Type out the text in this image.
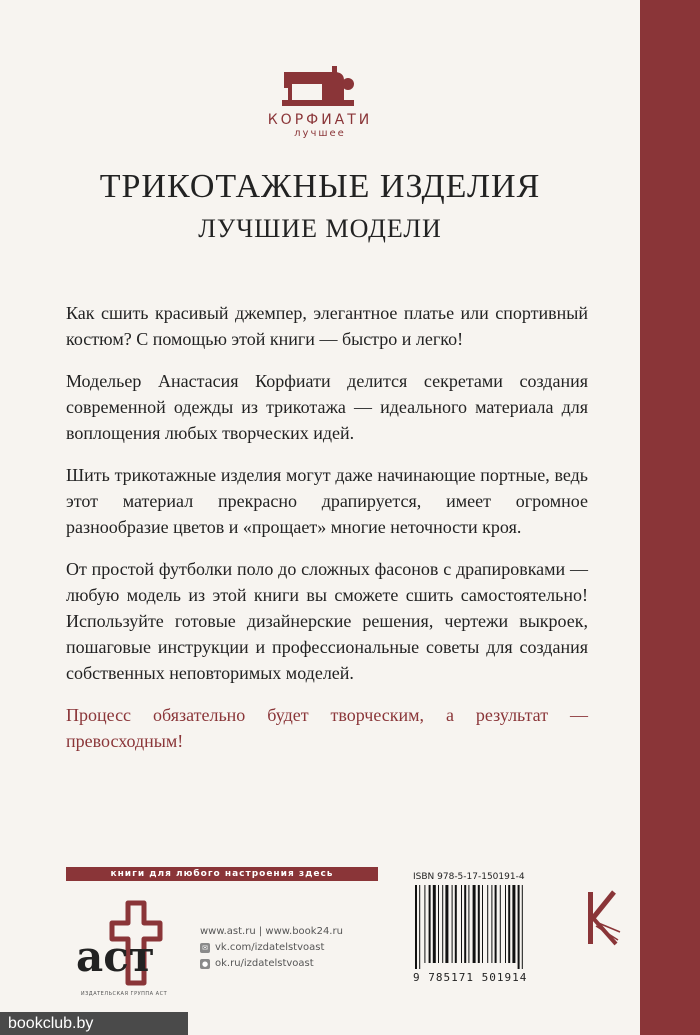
КОРФИАТИ
лучшее
ТРИКОТАЖНЫЕ ИЗДЕЛИЯ
ЛУЧШИЕ МОДЕЛИ

Как сшить красивый джемпер, элегантное платье или спортивный костюм? С помощью этой книги — быстро и легко!

Модельер Анастасия Корфиати делится секретами создания современной одежды из трикотажа — идеального материала для воплощения любых творческих идей.

Шить трикотажные изделия могут даже начинающие портные, ведь этот материал прекрасно драпируется, имеет огромное разнообразие цветов и «прощает» многие неточности кроя.

От простой футболки поло до сложных фасонов с драпировками — любую модель из этой книги вы сможете сшить самостоятельно! Используйте готовые дизайнерские решения, чертежи выкроек, пошаговые инструкции и профессиональные советы для создания собственных неповторимых моделей.

Процесс обязательно будет творческим, а результат — превосходным!

книги для любого настроения здесь
аст
ИЗДАТЕЛЬСКАЯ ГРУППА АСТ
www.ast.ru | www.book24.ru
✉ vk.com/izdatelstvoast
● ok.ru/izdatelstvoast
ISBN 978-5-17-150191-4
9 785171 501914
bookclub.by
